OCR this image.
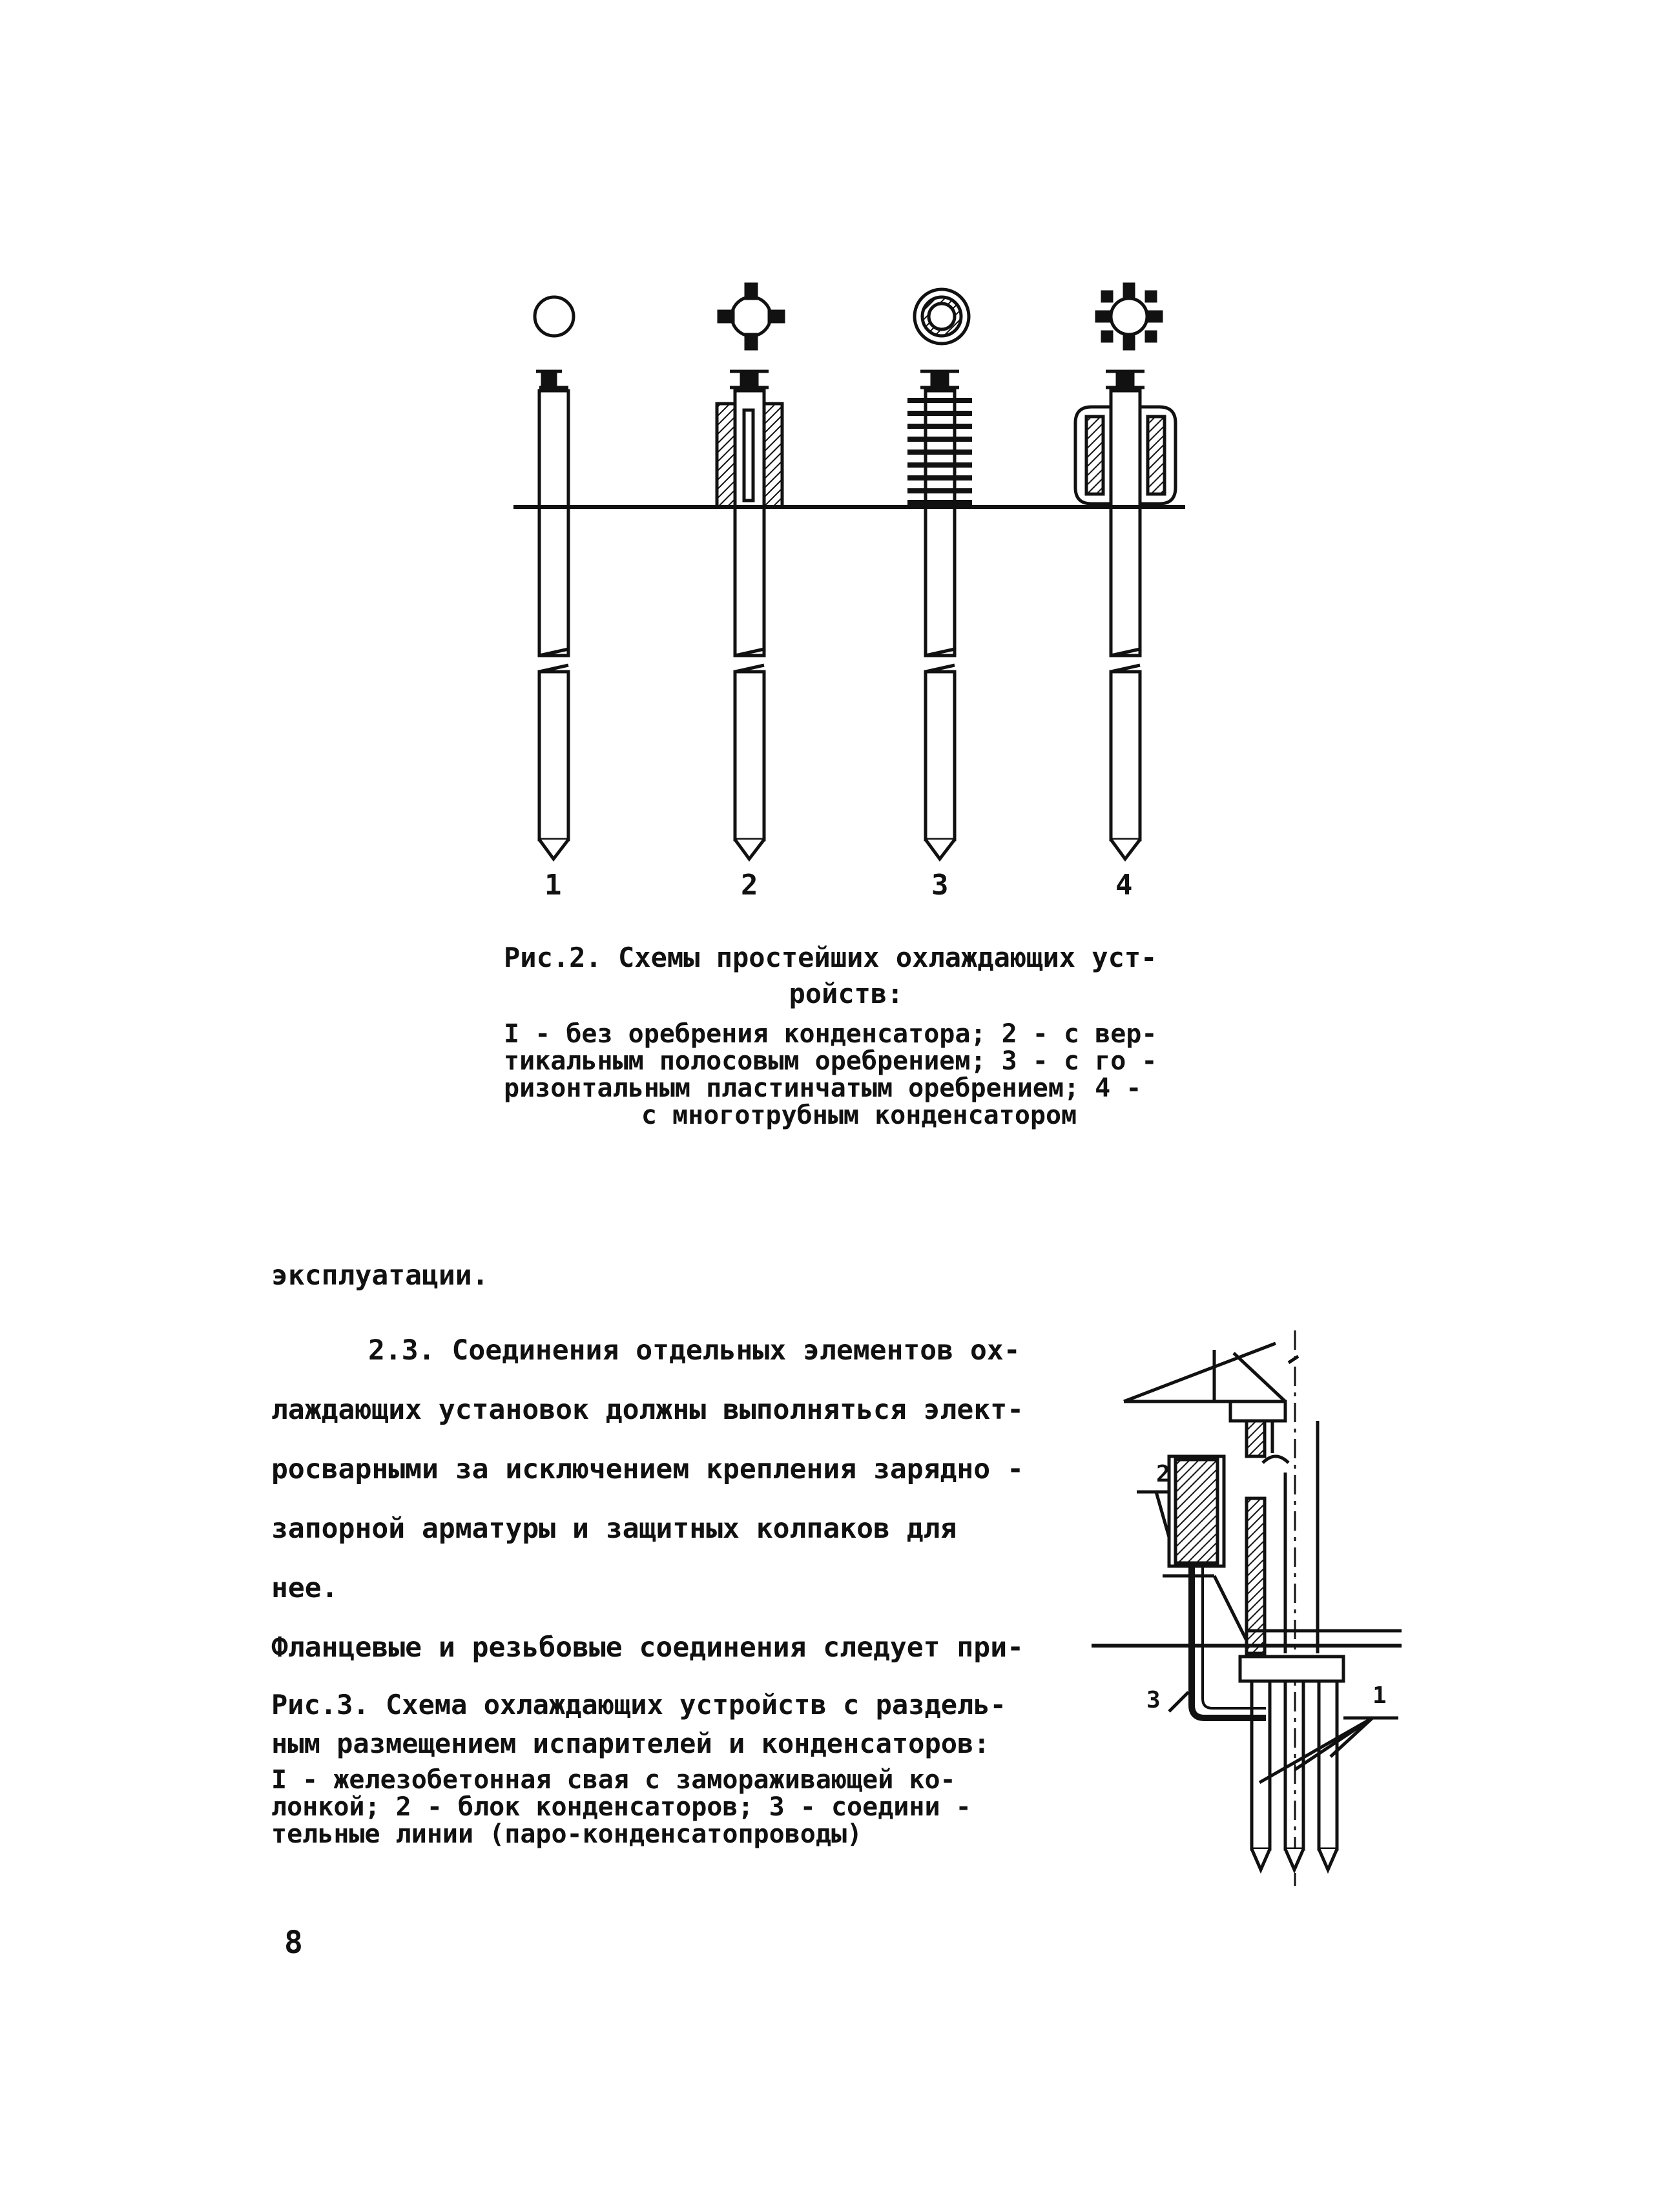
1	2	3	4
Рис.2. Схемы простейших охлаждающих уст-
ройств:
I - без оребрения конденсатора; 2 - с вер-
тикальным полосовым оребрением; 3 - с го -
ризонтальным пластинчатым оребрением; 4 -
с многотрубным конденсатором
эксплуатации.
2.3. Соединения отдельных элементов ох-
лаждающих установок должны выполняться элект-
росварными за исключением крепления зарядно -
запорной арматуры и защитных колпаков для нее.
Фланцевые и резьбовые соединения следует при-
2
3	1
Рис.3. Схема охлаждающих устройств с раздель-
ным размещением испарителей и конденсаторов:
I - железобетонная свая с замораживающей ко-
лонкой; 2 - блок конденсаторов; 3 - соедини -
тельные линии (паро-конденсатопроводы)
8
